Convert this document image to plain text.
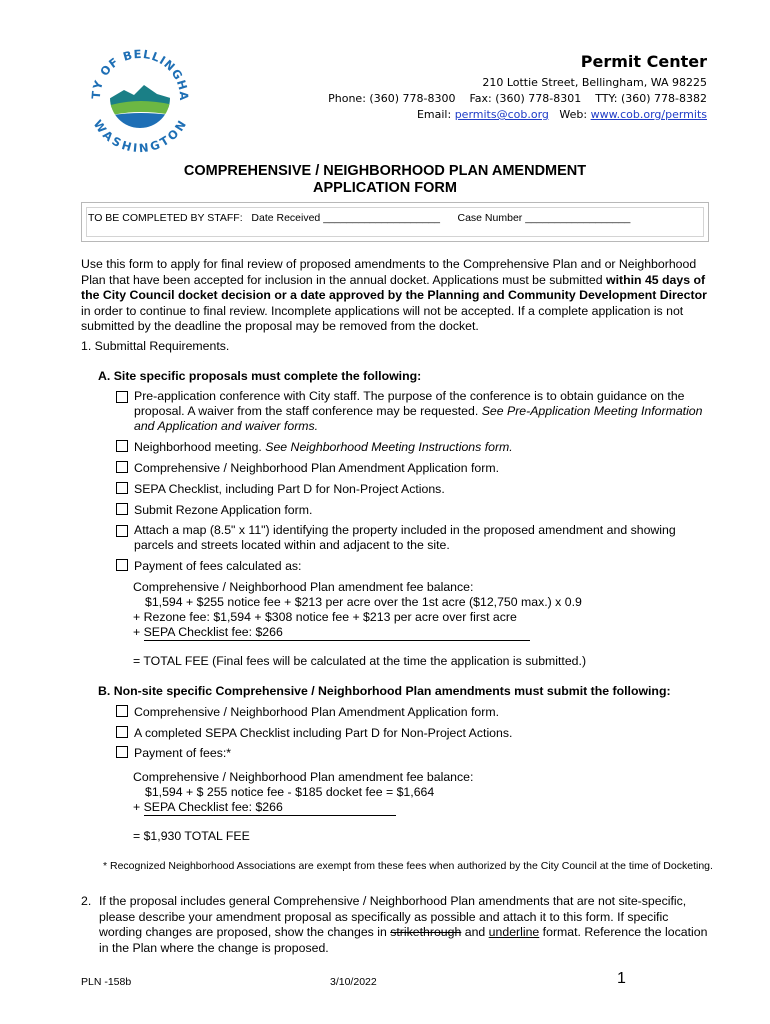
TY OF BELLINGHA
WASHINGTON
Permit Center
210 Lottie Street, Bellingham, WA 98225
Phone: (360) 778-8300 Fax: (360) 778-8301 TTY: (360) 778-8382
Email: permits@cob.org Web: www.cob.org/permits
COMPREHENSIVE / NEIGHBORHOOD PLAN AMENDMENT
APPLICATION FORM
TO BE COMPLETED BY STAFF: Date Received ____________________ Case Number __________________
Use this form to apply for final review of proposed amendments to the Comprehensive Plan and or Neighborhood Plan that have been accepted for inclusion in the annual docket. Applications must be submitted within 45 days of the City Council docket decision or a date approved by the Planning and Community Development Director in order to continue to final review. Incomplete applications will not be accepted. If a complete application is not submitted by the deadline the proposal may be removed from the docket.
1. Submittal Requirements.
A. Site specific proposals must complete the following:
Pre-application conference with City staff. The purpose of the conference is to obtain guidance on the proposal. A waiver from the staff conference may be requested. See Pre-Application Meeting Information and Application and waiver forms.
Neighborhood meeting. See Neighborhood Meeting Instructions form.
Comprehensive / Neighborhood Plan Amendment Application form.
SEPA Checklist, including Part D for Non-Project Actions.
Submit Rezone Application form.
Attach a map (8.5" x 11") identifying the property included in the proposed amendment and showing parcels and streets located within and adjacent to the site.
Payment of fees calculated as:
Comprehensive / Neighborhood Plan amendment fee balance:
$1,594 + $255 notice fee + $213 per acre over the 1st acre ($12,750 max.) x 0.9
+ Rezone fee: $1,594 + $308 notice fee + $213 per acre over first acre
+ SEPA Checklist fee: $266
= TOTAL FEE (Final fees will be calculated at the time the application is submitted.)
B. Non-site specific Comprehensive / Neighborhood Plan amendments must submit the following:
Comprehensive / Neighborhood Plan Amendment Application form.
A completed SEPA Checklist including Part D for Non-Project Actions.
Payment of fees:*
Comprehensive / Neighborhood Plan amendment fee balance:
$1,594 + $ 255 notice fee - $185 docket fee = $1,664
+ SEPA Checklist fee: $266
= $1,930 TOTAL FEE
* Recognized Neighborhood Associations are exempt from these fees when authorized by the City Council at the time of Docketing.
2. If the proposal includes general Comprehensive / Neighborhood Plan amendments that are not site-specific, please describe your amendment proposal as specifically as possible and attach it to this form. If specific wording changes are proposed, show the changes in strikethrough and underline format. Reference the location in the Plan where the change is proposed.
PLN -158b	3/10/2022	1
